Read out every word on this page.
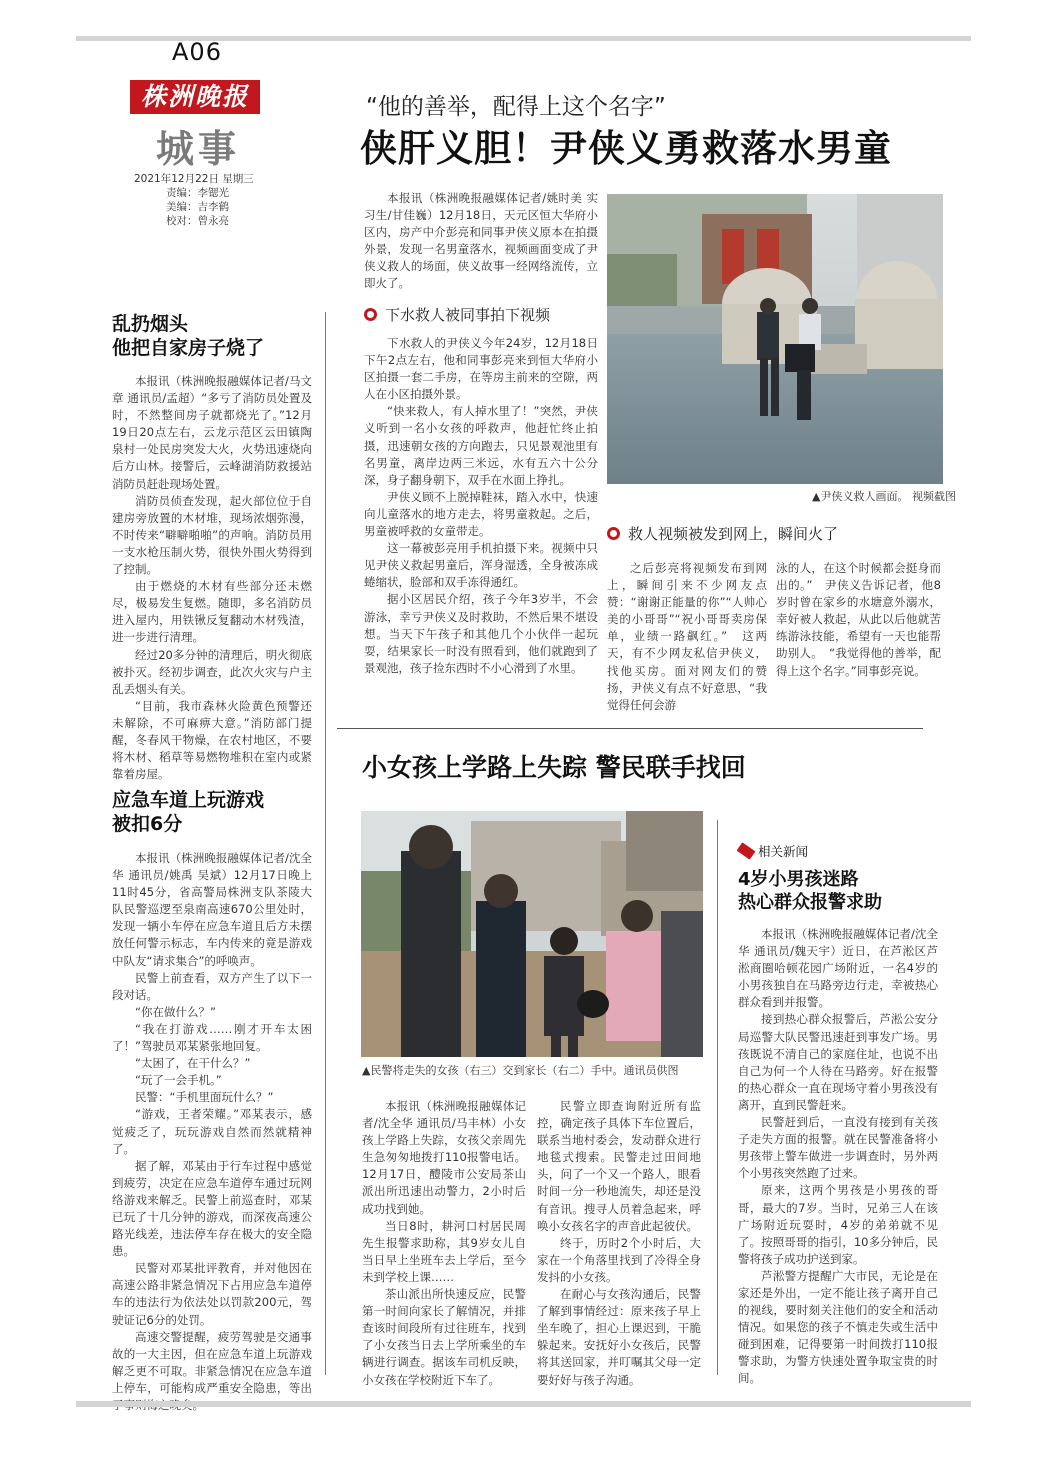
A06
株洲晚报
城事
2021年12月22日 星期三
责编：李锶光
美编：吉李鹤
校对：曾永亮
“他的善举，配得上这个名字”
侠肝义胆！尹侠义勇救落水男童

本报讯（株洲晚报融媒体记者/姚时美 实习生/甘佳巍）12月18日，天元区恒大华府小区内，房产中介彭亮和同事尹侠义原本在拍摄外景，发现一名男童落水，视频画面变成了尹侠义救人的场面，侠义故事一经网络流传，立即火了。

下水救人被同事拍下视频

下水救人的尹侠义今年24岁，12月18日下午2点左右，他和同事彭亮来到恒大华府小区拍摄一套二手房，在等房主前来的空隙，两人在小区拍摄外景。

“快来救人，有人掉水里了！”突然，尹侠义听到一名小女孩的呼救声，他赶忙终止拍摄，迅速朝女孩的方向跑去，只见景观池里有名男童，离岸边两三米远，水有五六十公分深，身子翻身朝下，双手在水面上挣扎。

尹侠义顾不上脱掉鞋袜，踏入水中，快速向儿童落水的地方走去，将男童救起。之后，男童被呼救的女童带走。

这一幕被彭亮用手机拍摄下来。视频中只见尹侠义救起男童后，浑身湿透，全身被冻成蜷缩状，脸部和双手冻得通红。

据小区居民介绍，孩子今年3岁半，不会游泳，幸亏尹侠义及时救助，不然后果不堪设想。当天下午孩子和其他几个小伙伴一起玩耍，结果家长一时没有照看到，他们就跑到了景观池，孩子捡东西时不小心滑到了水里。

▲尹侠义救人画面。 视频截图
救人视频被发到网上，瞬间火了

之后彭亮将视频发布到网上，瞬间引来不少网友点赞：“谢谢正能量的你”“人帅心美的小哥哥”“祝小哥哥卖房保单，业绩一路飙红。”　这两天，有不少网友私信尹侠义，找他买房。面对网友们的赞扬，尹侠义有点不好意思，“我觉得任何会游

泳的人，在这个时候都会挺身而出的。”　尹侠义告诉记者，他8岁时曾在家乡的水塘意外溺水，幸好被人救起，从此以后他就苦练游泳技能，希望有一天也能帮助别人。　“我觉得他的善举，配得上这个名字。”同事彭亮说。

乱扔烟头
他把自家房子烧了

本报讯（株洲晚报融媒体记者/马文章 通讯员/孟超）“多亏了消防员处置及时，不然整间房子就都烧光了。”12月19日20点左右，云龙示范区云田镇陶泉村一处民房突发大火，火势迅速烧向后方山林。接警后，云峰湖消防救援站消防员赶赴现场处置。

消防员侦查发现，起火部位位于自建房旁放置的木材堆，现场浓烟弥漫，不时传来“噼噼啪啪”的声响。消防员用一支水枪压制火势，很快外围火势得到了控制。

由于燃烧的木材有些部分还未燃尽，极易发生复燃。随即，多名消防员进入屋内，用铁锹反复翻动木材残渣，进一步进行清理。

经过20多分钟的清理后，明火彻底被扑灭。经初步调查，此次火灾与户主乱丢烟头有关。

“目前，我市森林火险黄色预警还未解除，不可麻痹大意。”消防部门提醒，冬春风干物燥，在农村地区，不要将木材、稻草等易燃物堆积在室内或紧靠着房屋。

应急车道上玩游戏
被扣6分

本报讯（株洲晚报融媒体记者/沈全华 通讯员/姚禹 吴斌）12月17日晚上11时45分，省高警局株洲支队茶陵大队民警巡逻至泉南高速670公里处时，发现一辆小车停在应急车道且后方未摆放任何警示标志，车内传来的竟是游戏中队友“请求集合”的呼唤声。

民警上前查看，双方产生了以下一段对话。

“你在做什么？”

“我在打游戏……刚才开车太困了！”驾驶员邓某紧张地回复。

“太困了，在干什么？”

“玩了一会手机。”

民警：“手机里面玩什么？”

“游戏，王者荣耀。”邓某表示，感觉疲乏了，玩玩游戏自然而然就精神了。

据了解，邓某由于行车过程中感觉到疲劳，决定在应急车道停车通过玩网络游戏来解乏。民警上前巡查时，邓某已玩了十几分钟的游戏，而深夜高速公路光线差，违法停车存在极大的安全隐患。

民警对邓某批评教育，并对他因在高速公路非紧急情况下占用应急车道停车的违法行为依法处以罚款200元，驾驶证记6分的处罚。

高速交警提醒，疲劳驾驶是交通事故的一大主因，但在应急车道上玩游戏解乏更不可取。非紧急情况在应急车道上停车，可能构成严重安全隐患，等出

小女孩上学路上失踪 警民联手找回
▲民警将走失的女孩（右三）交到家长（右二）手中。通讯员供图

本报讯（株洲晚报融媒体记者/沈全华 通讯员/马丰林）小女孩上学路上失踪，女孩父亲周先生急匆匆地拨打110报警电话。12月17日，醴陵市公安局茶山派出所迅速出动警力，2小时后成功找到她。

当日8时，耕河口村居民周先生报警求助称，其9岁女儿自当日早上坐班车去上学后，至今未到学校上课……

茶山派出所快速反应，民警第一时间向家长了解情况，并排查该时间段所有过往班车，找到了小女孩当日去上学所乘坐的车辆进行调查。据该车司机反映，小女孩在学校附近下车了。

民警立即查询附近所有监控，确定孩子具体下车位置后，联系当地村委会，发动群众进行地毯式搜索。民警走过田间地头，问了一个又一个路人，眼看时间一分一秒地流失，却还是没有音讯。搜寻人员着急起来，呼唤小女孩名字的声音此起彼伏。

终于，历时2个小时后，大家在一个角落里找到了冷得全身发抖的小女孩。

在耐心与女孩沟通后，民警了解到事情经过：原来孩子早上坐车晚了，担心上课迟到，干脆躲起来。安抚好小女孩后，民警将其送回家，并叮嘱其父母一定要好好与孩子沟通。

相关新闻
4岁小男孩迷路
热心群众报警求助

本报讯（株洲晚报融媒体记者/沈全华 通讯员/魏天宇）近日，在芦淞区芦淞商圈哈顿花园广场附近，一名4岁的小男孩独自在马路旁边行走，幸被热心群众看到并报警。

接到热心群众报警后，芦淞公安分局巡警大队民警迅速赶到事发广场。男孩既说不清自己的家庭住址，也说不出自己为何一个人待在马路旁。好在报警的热心群众一直在现场守着小男孩没有离开，直到民警赶来。

民警赶到后，一直没有接到有关孩子走失方面的报警。就在民警准备将小男孩带上警车做进一步调查时，另外两个小男孩突然跑了过来。

原来，这两个男孩是小男孩的哥哥，最大的7岁。当时，兄弟三人在该广场附近玩耍时，4岁的弟弟就不见了。按照哥哥的指引，10多分钟后，民警将孩子成功护送到家。

芦淞警方提醒广大市民，无论是在家还是外出，一定不能让孩子离开自己的视线，要时刻关注他们的安全和活动情况。如果您的孩子不慎走失或生活中碰到困难，记得要第一时间拨打110报警求助，为警方快速处置争取宝贵的时间。
